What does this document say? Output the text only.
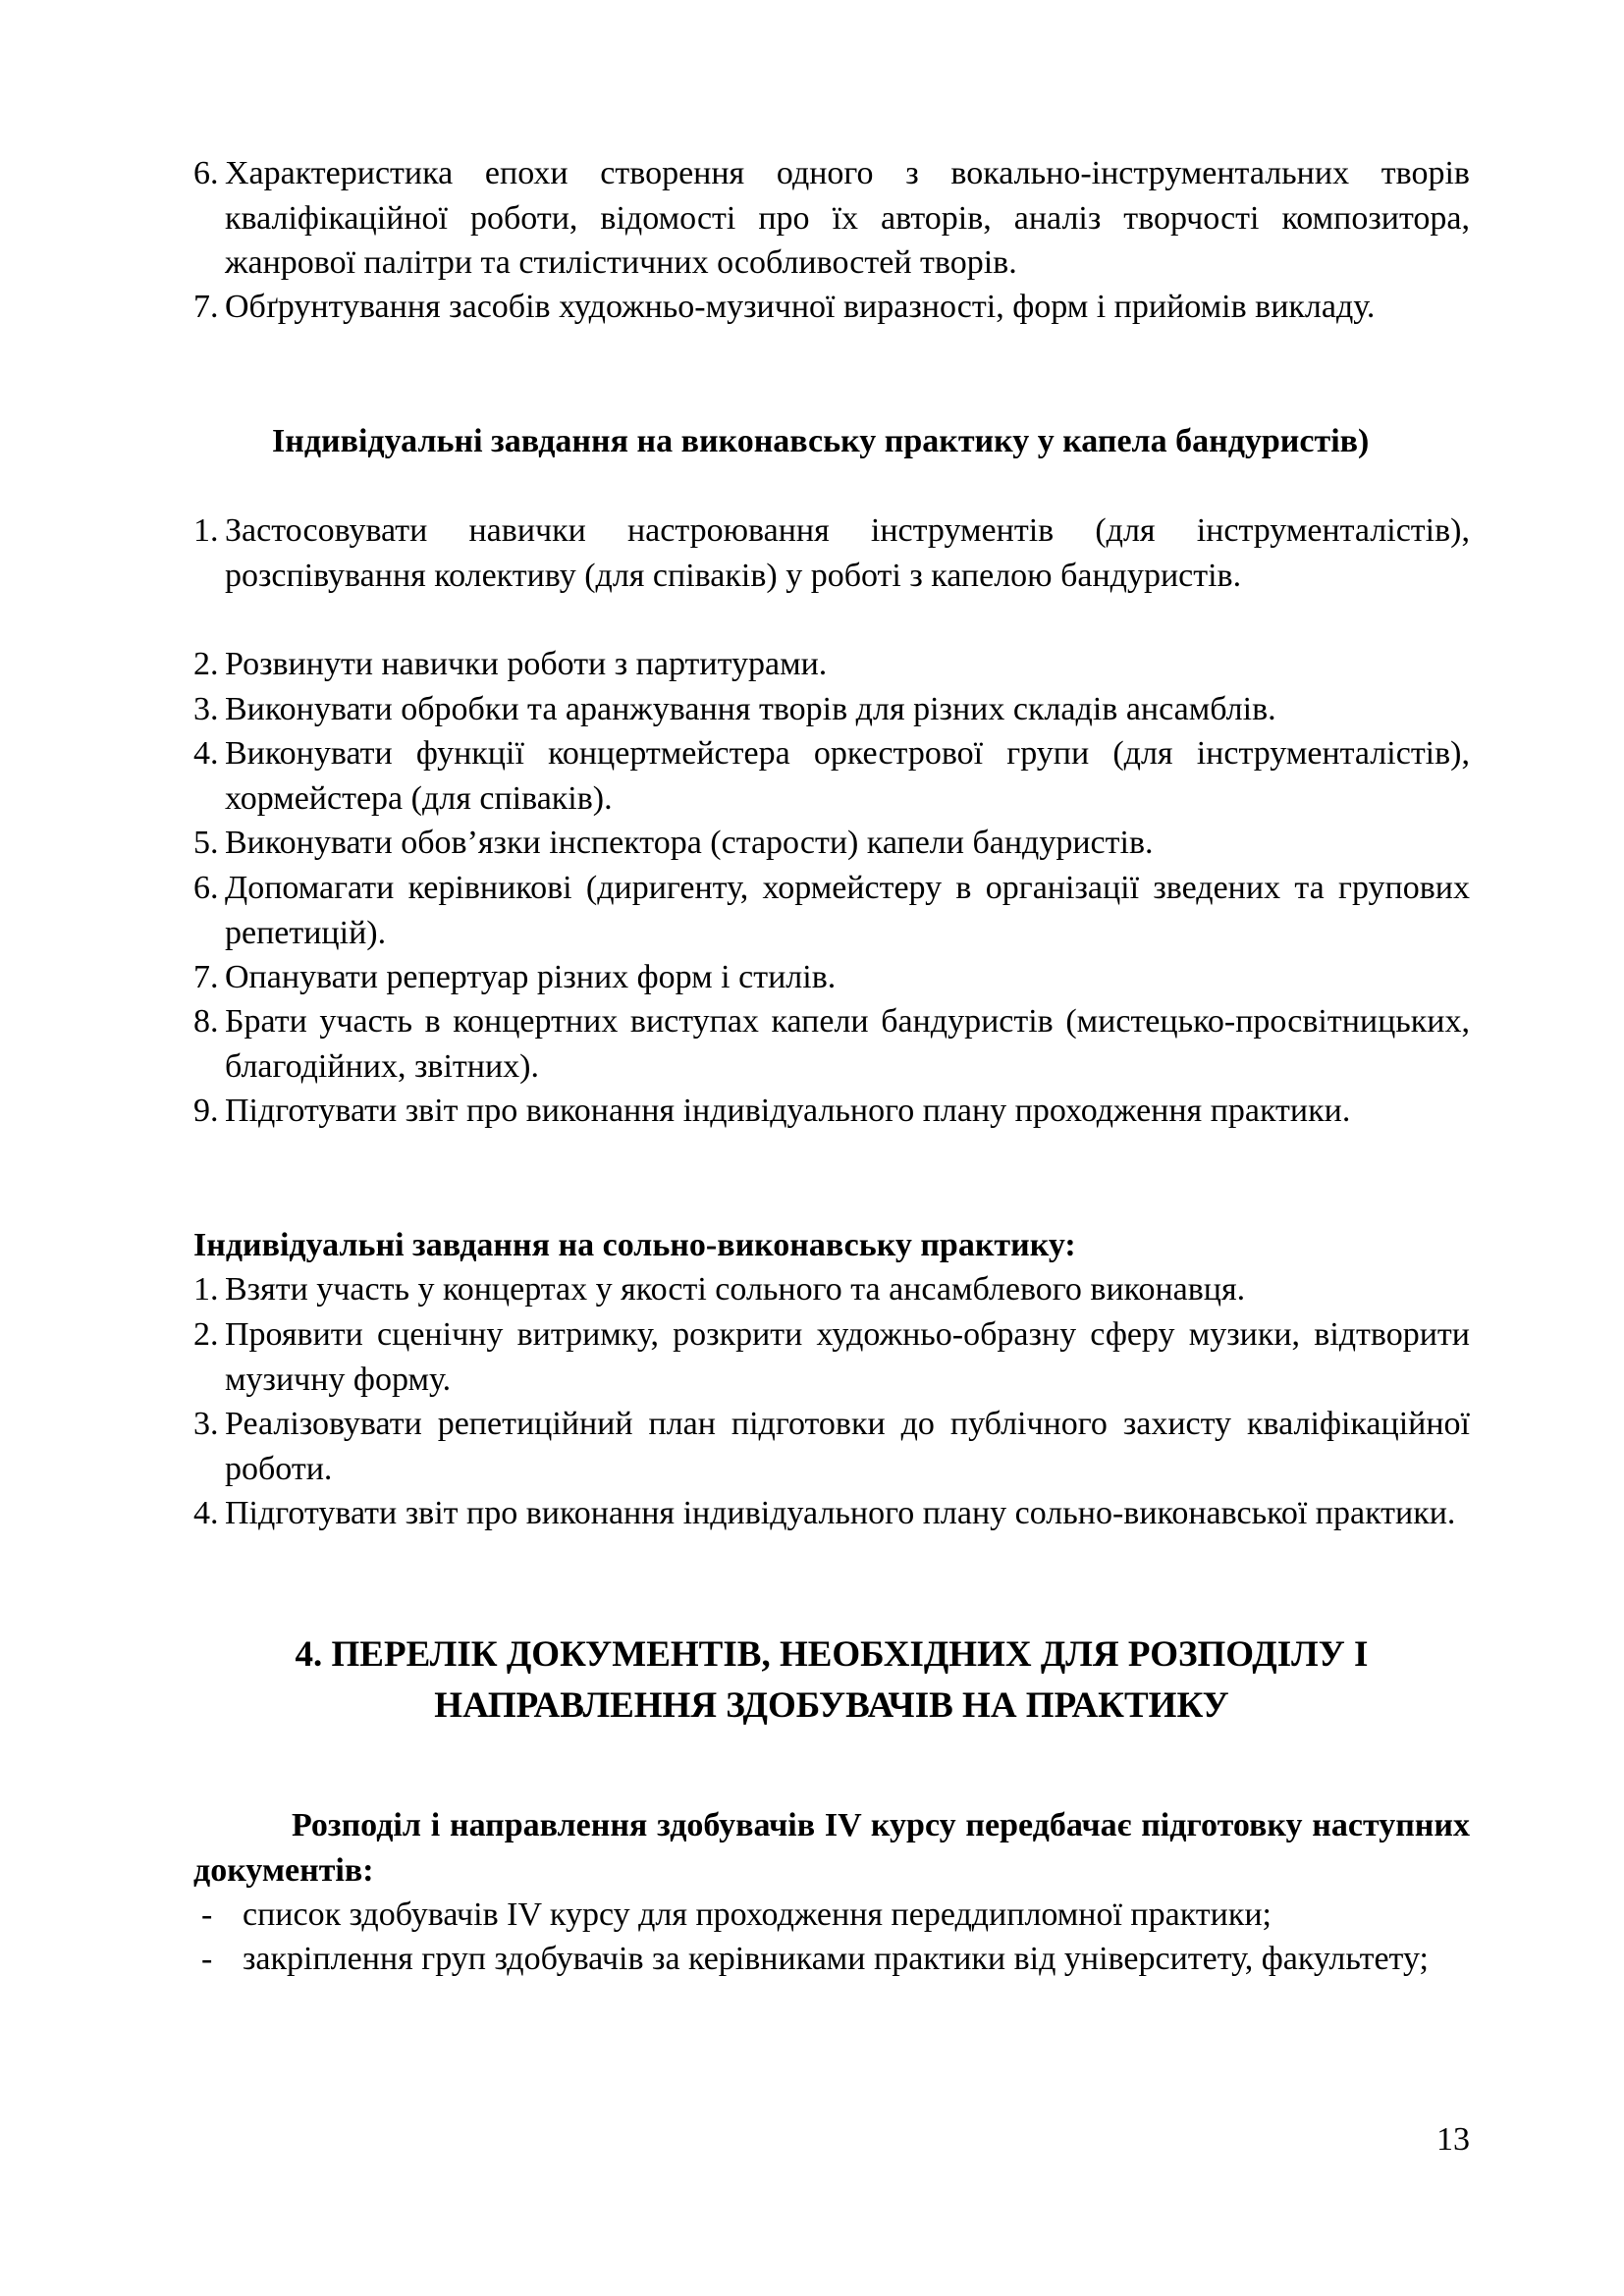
6. Характеристика епохи створення одного з вокально-інструментальних творів кваліфікаційної роботи, відомості про їх авторів, аналіз творчості композитора, жанрової палітри та стилістичних особливостей творів.
7. Обґрунтування засобів художньо-музичної виразності, форм і прийомів викладу.
Індивідуальні завдання на виконавську практику у капела бандуристів)
1. Застосовувати навички настроювання інструментів (для інструменталістів), розспівування колективу (для співаків) у роботі з капелою бандуристів.
2. Розвинути навички роботи з партитурами.
3. Виконувати обробки та аранжування творів для різних складів ансамблів.
4. Виконувати функції концертмейстера оркестрової групи (для інструменталістів), хормейстера (для співаків).
5. Виконувати обов’язки інспектора (старости) капели бандуристів.
6. Допомагати керівникові (диригенту, хормейстеру в організації зведених та групових репетицій).
7. Опанувати репертуар різних форм і стилів.
8. Брати участь в концертних виступах капели бандуристів (мистецько-просвітницьких, благодійних, звітних).
9. Підготувати звіт про виконання індивідуального плану проходження практики.
Індивідуальні завдання на сольно-виконавську практику:
1. Взяти участь у концертах у якості сольного та ансамблевого виконавця.
2. Проявити сценічну витримку, розкрити художньо-образну сферу музики, відтворити музичну форму.
3. Реалізовувати репетиційний план підготовки до публічного захисту кваліфікаційної роботи.
4. Підготувати звіт про виконання індивідуального плану сольно-виконавської практики.
4. ПЕРЕЛІК ДОКУМЕНТІВ, НЕОБХІДНИХ ДЛЯ РОЗПОДІЛУ І НАПРАВЛЕННЯ ЗДОБУВАЧІВ НА ПРАКТИКУ
Розподіл і направлення здобувачів IV курсу передбачає підготовку наступних документів:
- список здобувачів IV курсу для проходження переддипломної практики;
- закріплення груп здобувачів за керівниками практики від університету, факультету;
13
